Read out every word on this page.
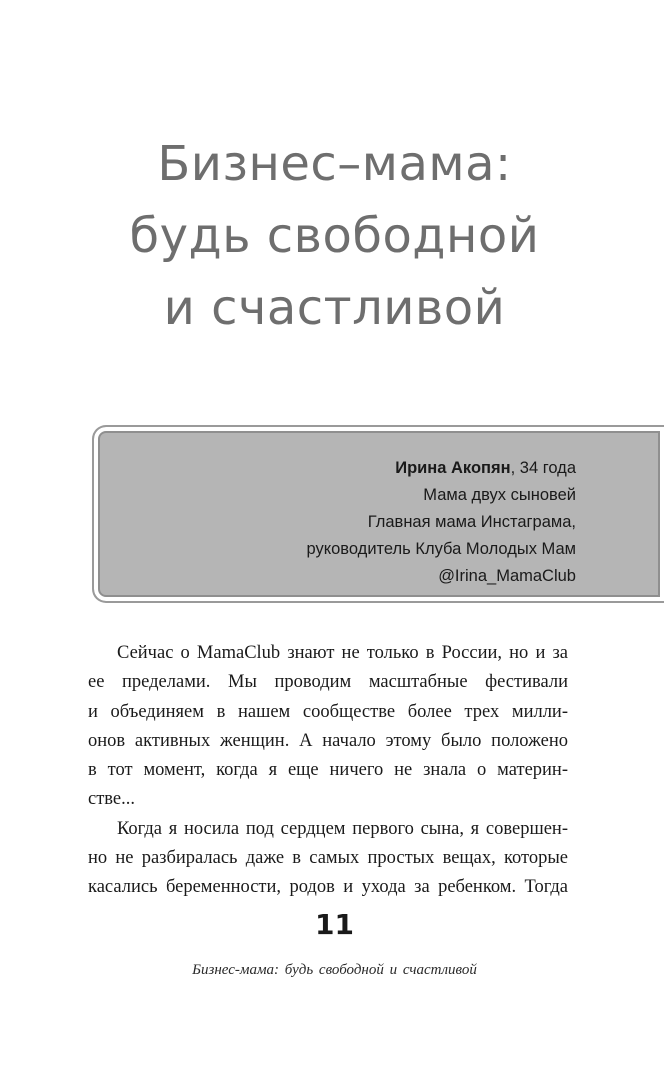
Бизнес–мама:
будь свободной
и счастливой
Ирина Акопян, 34 года
Мама двух сыновей
Главная мама Инстаграма,
руководитель Клуба Молодых Мам
@Irina_MamaClub
Сейчас о MamaClub знают не только в России, но и за
ее пределами. Мы проводим масштабные фестивали
и объединяем в нашем сообществе более трех милли-
онов активных женщин. А начало этому было положено
в тот момент, когда я еще ничего не знала о материн-
стве...
Когда я носила под сердцем первого сына, я совершен-
но не разбиралась даже в самых простых вещах, которые
касались беременности, родов и ухода за ребенком. Тогда
11
Бизнес-мама: будь свободной и счастливой
